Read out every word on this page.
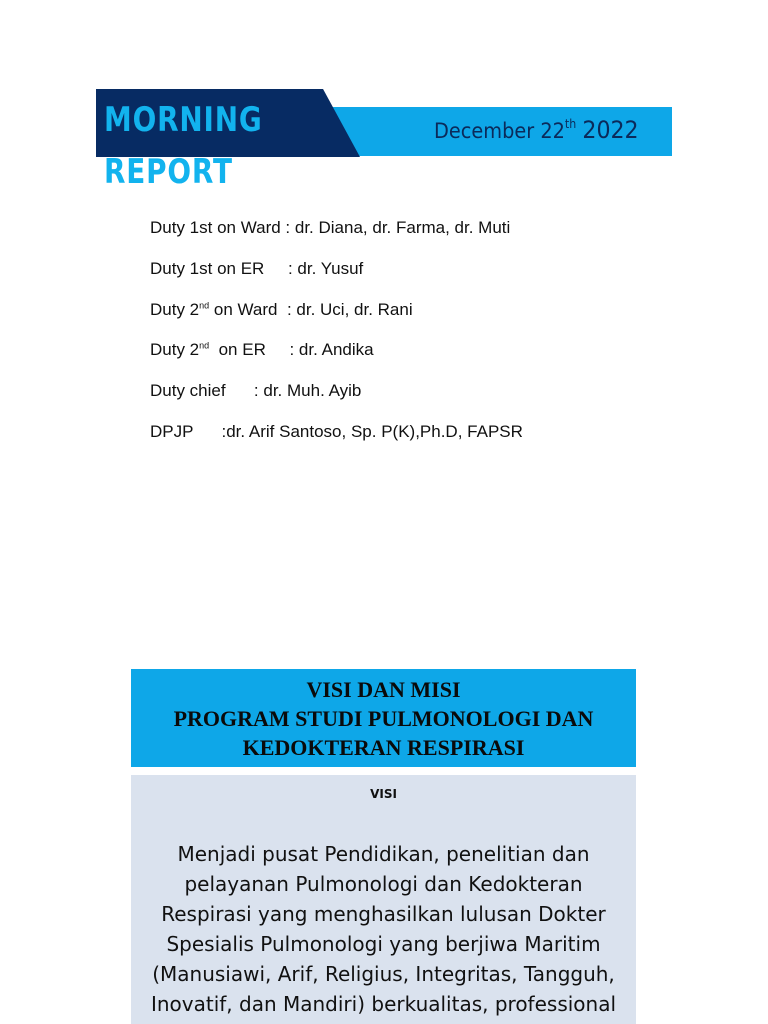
MORNING
REPORT
December 22th 2022
Duty 1st on Ward : dr. Diana, dr. Farma, dr. Muti
Duty 1st on ER     : dr. Yusuf
Duty 2nd on Ward  : dr. Uci, dr. Rani
Duty 2nd  on ER     : dr. Andika
Duty chief      : dr. Muh. Ayib
DPJP      :dr. Arif Santoso, Sp. P(K),Ph.D, FAPSR
VISI DAN MISI
PROGRAM STUDI PULMONOLOGI DAN
KEDOKTERAN RESPIRASI
VISI
Menjadi pusat Pendidikan, penelitian dan pelayanan Pulmonologi dan Kedokteran Respirasi yang menghasilkan lulusan Dokter Spesialis Pulmonologi yang berjiwa Maritim (Manusiawi, Arif, Religius, Integritas, Tangguh, Inovatif, dan Mandiri) berkualitas, professional
